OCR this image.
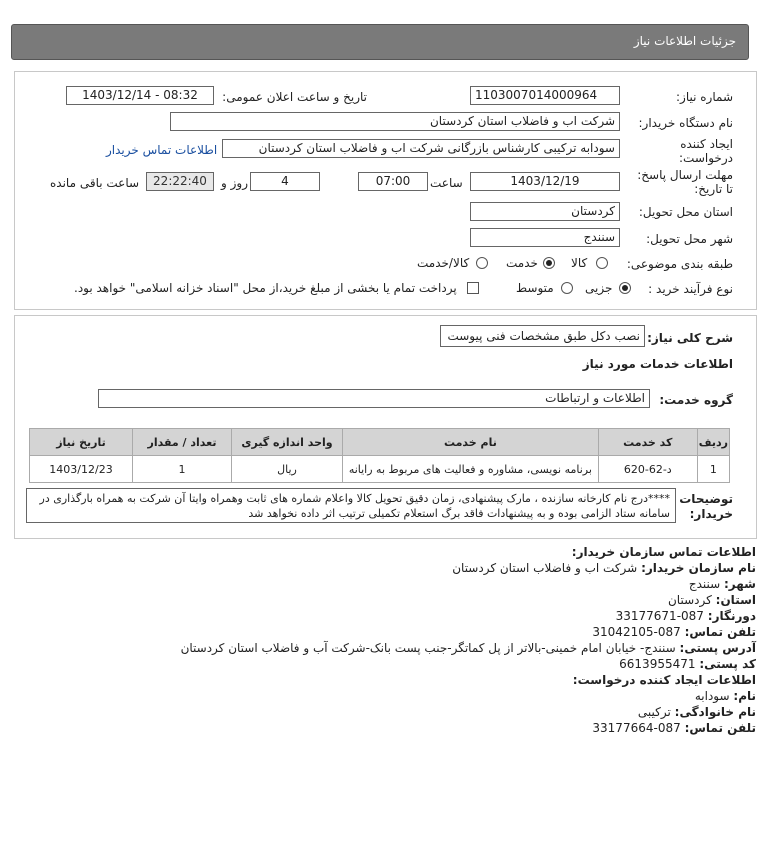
جزئیات اطلاعات نیاز
شماره نیاز:
1103007014000964
تاریخ و ساعت اعلان عمومی:
1403/12/14 - 08:32
نام دستگاه خریدار:
شرکت اب و فاضلاب استان کردستان
ایجاد کننده درخواست:
سودابه ترکیبی کارشناس بازرگانی شرکت اب و فاضلاب استان کردستان
اطلاعات تماس خریدار
مهلت ارسال پاسخ: تا تاریخ:
1403/12/19
ساعت
07:00
4
روز و
22:22:40
ساعت باقی مانده
استان محل تحویل:
کردستان
شهر محل تحویل:
سنندج
طبقه بندی موضوعی:
کالا
خدمت
کالا/خدمت
نوع فرآیند خرید :
جزیی
متوسط
پرداخت تمام یا بخشی از مبلغ خرید،از محل "اسناد خزانه اسلامی" خواهد بود.
شرح کلی نیاز:
نصب دکل طبق مشخصات فنی پیوست
اطلاعات خدمات مورد نیاز
گروه خدمت:
اطلاعات و ارتباطات
ردیف	کد خدمت	نام خدمت	واحد اندازه گیری	تعداد / مقدار	تاریخ نیاز
1	د-62-620	برنامه نویسی، مشاوره و فعالیت های مربوط به رایانه	ریال	1	1403/12/23
توضیحات خریدار:
****درج نام کارخانه سازنده ، مارک پیشنهادی، زمان دقیق تحویل کالا واعلام شماره های ثابت وهمراه وایتا آن شرکت به همراه بارگذاری در سامانه ستاد الزامی بوده و به پیشنهادات فاقد برگ استعلام تکمیلی ترتیب اثر داده نخواهد شد
اطلاعات تماس سازمان خریدار:
نام سازمان خریدار: شرکت اب و فاضلاب استان کردستان
شهر: سنندج
استان: کردستان
دورنگار: 087-33177671
تلفن تماس: 087-31042105
آدرس پستی: سنندج- خیابان امام خمینی-بالاتر از پل کماتگر-جنب پست بانک-شرکت آب و فاضلاب استان کردستان
کد پستی: 6613955471
اطلاعات ایجاد کننده درخواست:
نام: سودابه
نام خانوادگی: ترکیبی
تلفن تماس: 087-33177664
